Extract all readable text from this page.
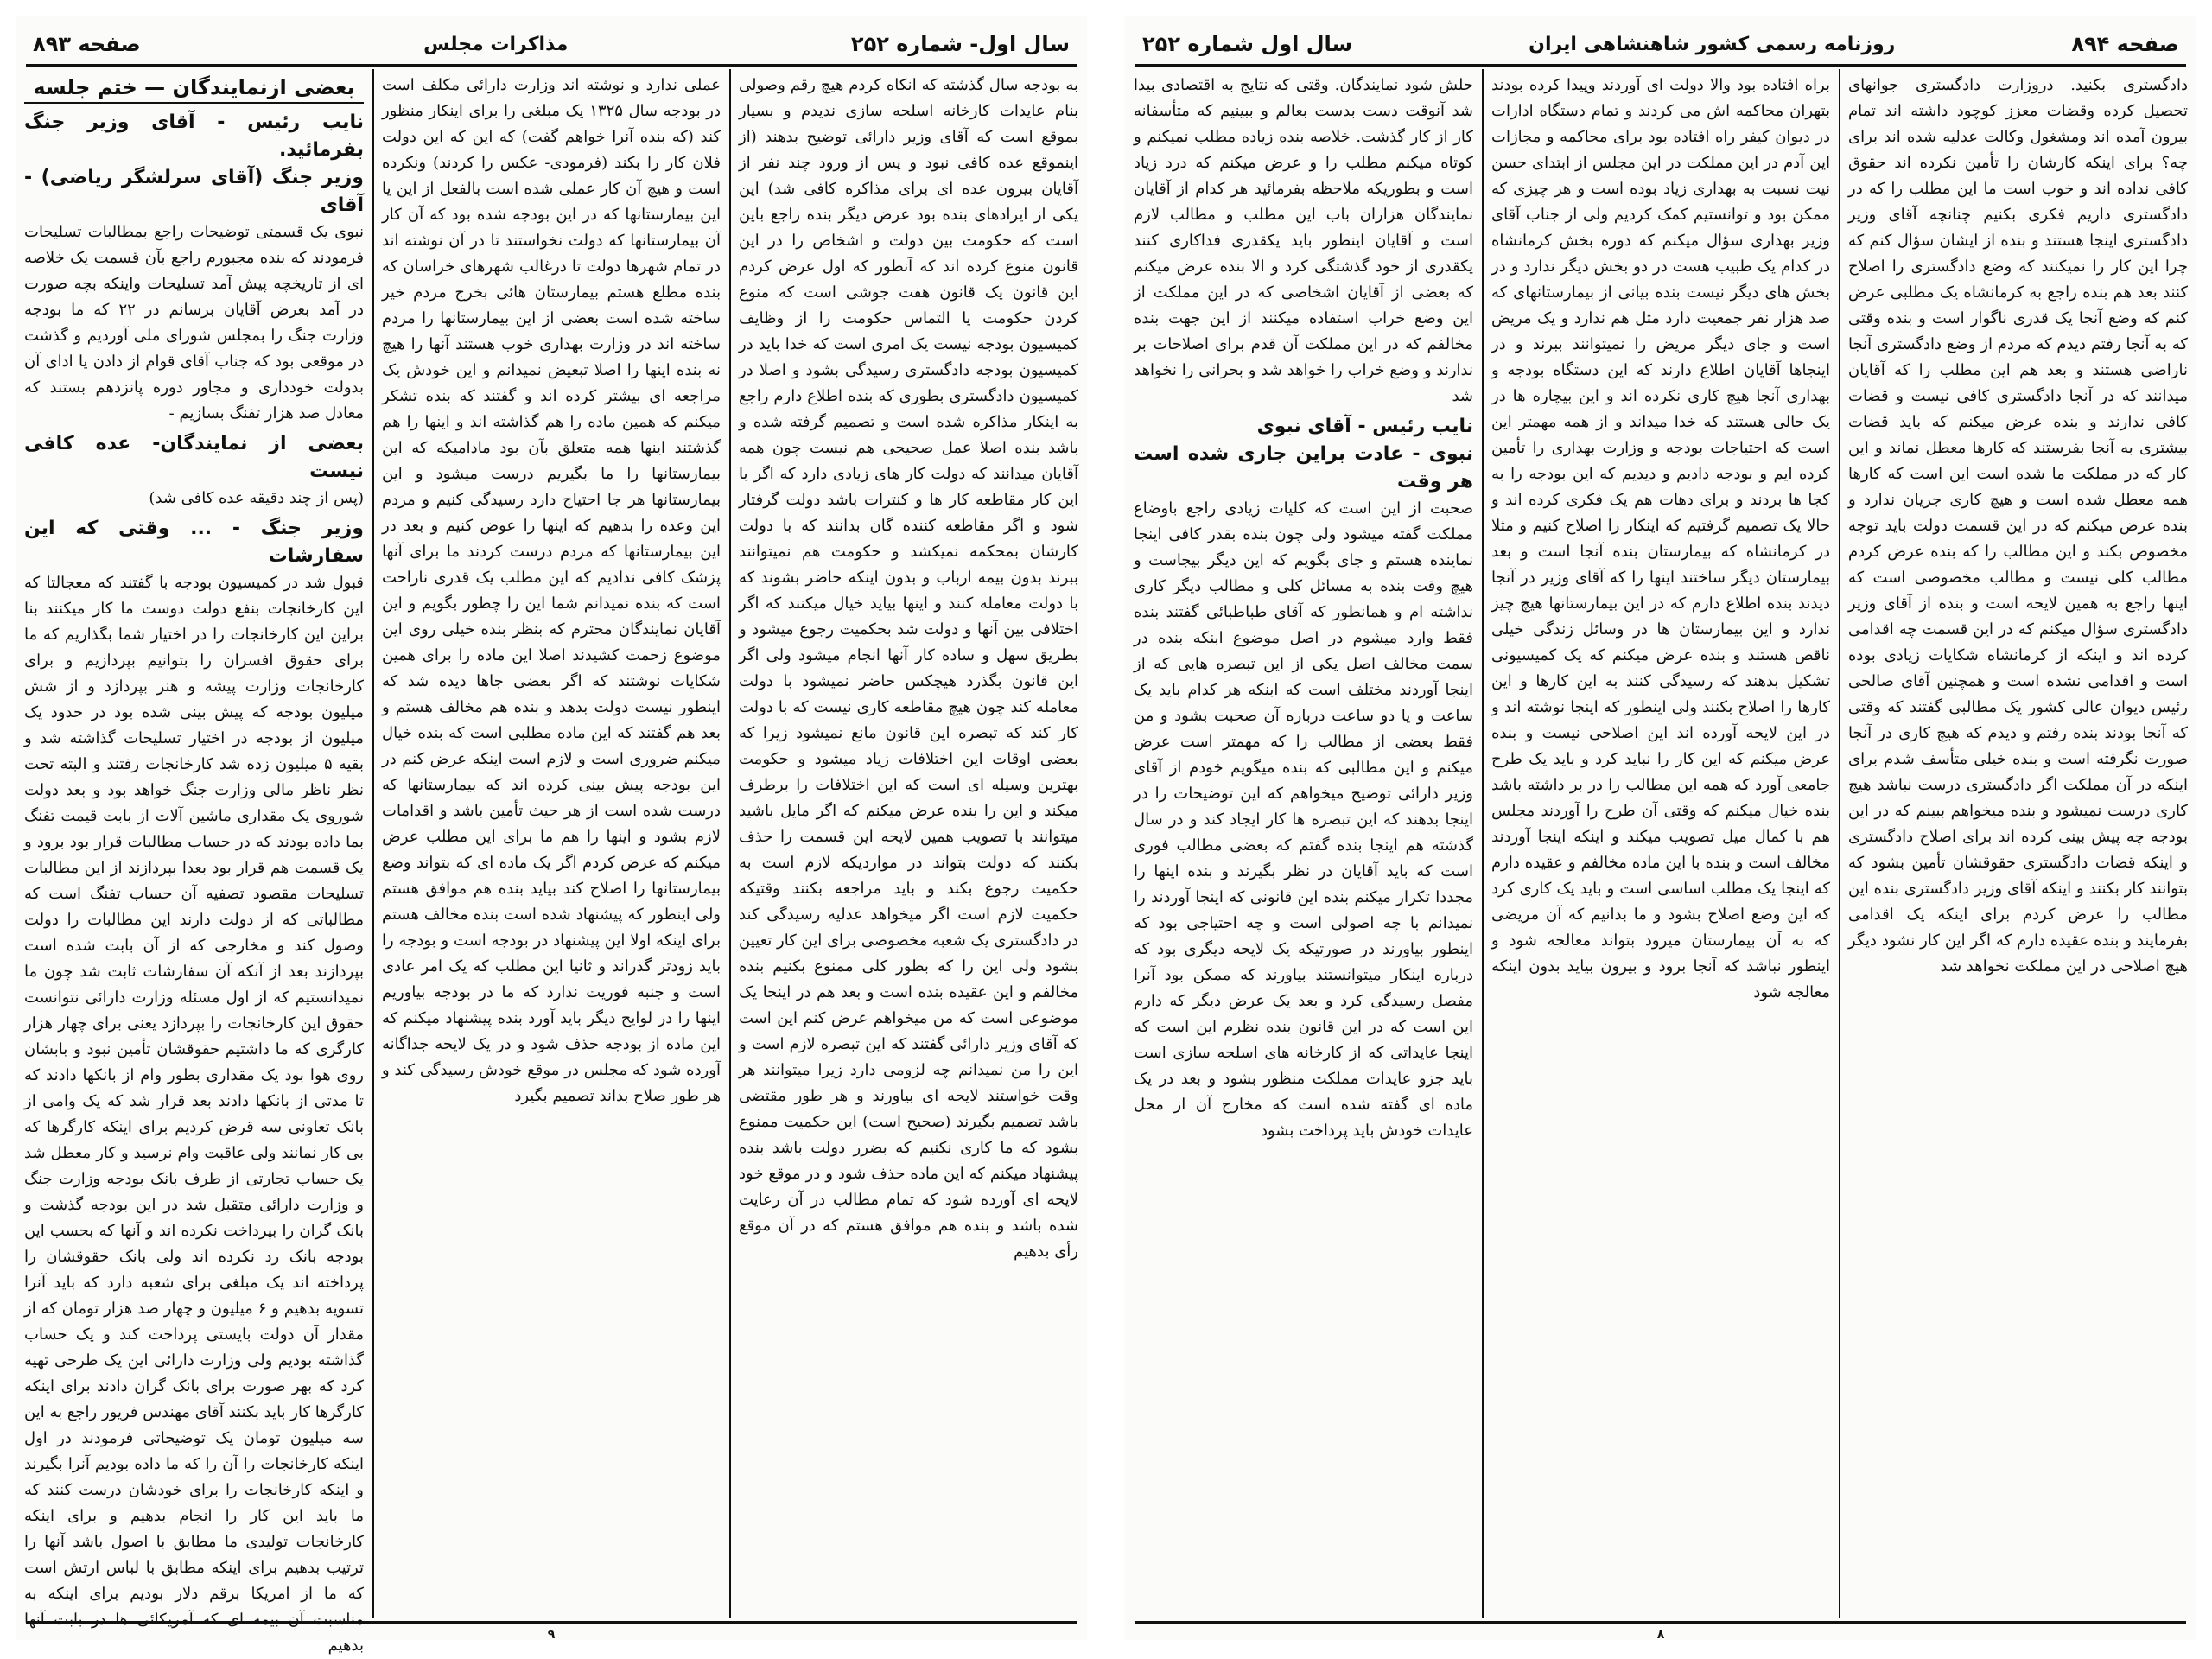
سال اول- شماره ۲۵۲
مذاکرات مجلس
صفحه ۸۹۳
بعضی ازنمایندگان — ختم جلسه
نایب رئیس - آقای وزیر جنگ بفرمائید.
وزیر جنگ (آقای سرلشگر ریاضی) - آقای
نبوی یک قسمتی توضیحات راجع بمطالبات تسلیحات فرمودند که بنده مجبورم راجع بآن قسمت یک خلاصه ای از تاریخچه پیش آمد تسلیحات واینکه بچه صورت در آمد بعرض آقایان برسانم در ۲۲ که ما بودجه وزارت جنگ را بمجلس شورای ملی آوردیم و گذشت در موقعی بود که جناب آقای قوام از دادن یا ادای آن بدولت خودداری و مجاور دوره پانزدهم بستند که معادل صد هزار تفنگ بسازیم -
بعضی از نمایندگان- عده کافی نیست
(پس از چند دقیقه عده کافی شد)
وزیر جنگ - ... وقتی که این سفارشات
قبول شد در کمیسیون بودجه با گفتند که معجالتا که این کارخانجات بنفع دولت دوست ما کار میکنند بنا براین این کارخانجات را در اختیار شما بگذاریم که ما برای حقوق افسران را بتوانیم بپردازیم و برای کارخانجات وزارت پیشه و هنر بپردازد و از شش میلیون بودجه که پیش بینی شده بود در حدود یک میلیون از بودجه در اختیار تسلیحات گذاشته شد و بقیه ۵ میلیون زده شد کارخانجات رفتند و البته تحت نظر ناظر مالی وزارت جنگ خواهد بود و بعد دولت شوروی یک مقداری ماشین آلات از بابت قیمت تفنگ بما داده بودند که در حساب مطالبات قرار بود برود و یک قسمت هم قرار بود بعدا بپردازند از این مطالبات تسلیحات مقصود تصفیه آن حساب تفنگ است که مطالباتی که از دولت دارند این مطالبات را دولت وصول کند و مخارجی که از آن بابت شده است بپردازند بعد از آنکه آن سفارشات ثابت شد چون ما نمیدانستیم که از اول مسئله وزارت دارائی نتوانست حقوق این کارخانجات را بپردازد یعنی برای چهار هزار کارگری که ما داشتیم حقوقشان تأمین نبود و بابشان روی هوا بود یک مقداری بطور وام از بانکها دادند که تا مدتی از بانکها دادند بعد قرار شد که یک وامی از بانک تعاونی سه قرض کردیم برای اینکه کارگرها که بی کار نمانند ولی عاقبت وام نرسید و کار معطل شد یک حساب تجارتی از طرف بانک بودجه وزارت جنگ و وزارت دارائی متقبل شد در این بودجه گذشت و بانک گران را بپرداخت نکرده اند و آنها که بحسب این بودجه بانک رد نکرده اند ولی بانک حقوقشان را پرداخته اند یک مبلغی برای شعبه دارد که باید آنرا تسویه بدهیم و ۶ میلیون و چهار صد هزار تومان که از مقدار آن دولت بایستی پرداخت کند و یک حساب گذاشته بودیم ولی وزارت دارائی این یک طرحی تهیه کرد که بهر صورت برای بانک گران دادند برای اینکه کارگرها کار باید بکنند آقای مهندس فریور راجع به این سه میلیون تومان یک توضیحاتی فرمودند در اول اینکه کارخانجات را آن را که ما داده بودیم آنرا بگیرند و اینکه کارخانجات را برای خودشان درست کنند که ما باید این کار را انجام بدهیم و برای اینکه کارخانجات تولیدی ما مطابق با اصول باشد آنها را ترتیب بدهیم برای اینکه مطابق با لباس ارتش است که ما از امریکا برقم دلار بودیم برای اینکه به مناسبت آن بیمه ای که آمریکائی ها در بابت آنها بدهیم
عملی ندارد و نوشته اند وزارت دارائی مکلف است در بودجه سال ۱۳۲۵ یک مبلغی را برای اینکار منظور کند (که بنده آنرا خواهم گفت) که این که این دولت فلان کار را بکند (فرمودی- عکس را کردند) ونکرده است و هیچ آن کار عملی شده است بالفعل از این یا این بیمارستانها که در این بودجه شده بود که آن کار آن بیمارستانها که دولت نخواستند تا در آن نوشته اند در تمام شهرها دولت تا درغالب شهرهای خراسان که بنده مطلع هستم بیمارستان هائی بخرج مردم خیر ساخته شده است بعضی از این بیمارستانها را مردم ساخته اند در وزارت بهداری خوب هستند آنها را هیچ نه بنده اینها را اصلا تبعیض نمیدانم و این خودش یک مراجعه ای بیشتر کرده اند و گفتند که بنده تشکر میکنم که همین ماده را هم گذاشته اند و اینها را هم گذشتند اینها همه متعلق بآن بود مادامیکه که این بیمارستانها را ما بگیریم درست میشود و این بیمارستانها هر جا احتیاج دارد رسیدگی کنیم و مردم این وعده را بدهیم که اینها را عوض کنیم و بعد در این بیمارستانها که مردم درست کردند ما برای آنها پزشک کافی ندادیم که این مطلب یک قدری ناراحت است که بنده نمیدانم شما این را چطور بگویم و این آقایان نمایندگان محترم که بنظر بنده خیلی روی این موضوع زحمت کشیدند اصلا این ماده را برای همین شکایات نوشتند که اگر بعضی جاها دیده شد که اینطور نیست دولت بدهد و بنده هم مخالف هستم و بعد هم گفتند که این ماده مطلبی است که بنده خیال میکنم ضروری است و لازم است اینکه عرض کنم در این بودجه پیش بینی کرده اند که بیمارستانها که درست شده است از هر حیث تأمین باشد و اقدامات لازم بشود و اینها را هم ما برای این مطلب عرض میکنم که عرض کردم اگر یک ماده ای که بتواند وضع بیمارستانها را اصلاح کند بیاید بنده هم موافق هستم ولی اینطور که پیشنهاد شده است بنده مخالف هستم برای اینکه اولا این پیشنهاد در بودجه است و بودجه را باید زودتر گذراند و ثانیا این مطلب که یک امر عادی است و جنبه فوریت ندارد که ما در بودجه بیاوریم اینها را در لوایح دیگر باید آورد بنده پیشنهاد میکنم که این ماده از بودجه حذف شود و در یک لایحه جداگانه آورده شود که مجلس در موقع خودش رسیدگی کند و هر طور صلاح بداند تصمیم بگیرد
به بودجه سال گذشته که انکاه کردم هیچ رقم وصولی بنام عایدات کارخانه اسلحه سازی ندیدم و بسیار بموقع است که آقای وزیر دارائی توضیح بدهند (از اینموقع عده کافی نبود و پس از ورود چند نفر از آقایان بیرون عده ای برای مذاکره کافی شد) این یکی از ایرادهای بنده بود عرض دیگر بنده راجع باین است که حکومت بین دولت و اشخاص را در این قانون منوع کرده اند که آنطور که اول عرض کردم این قانون یک قانون هفت جوشی است که منوع کردن حکومت یا التماس حکومت را از وظایف کمیسیون بودجه نیست یک امری است که خدا باید در کمیسیون بودجه دادگستری رسیدگی بشود و اصلا در کمیسیون دادگستری بطوری که بنده اطلاع دارم راجع به اینکار مذاکره شده است و تصمیم گرفته شده و باشد بنده اصلا عمل صحیحی هم نیست چون همه آقایان میدانند که دولت کار های زیادی دارد که اگر با این کار مقاطعه کار ها و کنترات باشد دولت گرفتار شود و اگر مقاطعه کننده گان بدانند که با دولت کارشان بمحکمه نمیکشد و حکومت هم نمیتوانند ببرند بدون بیمه ارباب و بدون اینکه حاضر بشوند که با دولت معامله کنند و اینها بیاید خیال میکنند که اگر اختلافی بین آنها و دولت شد بحکمیت رجوع میشود و بطریق سهل و ساده کار آنها انجام میشود ولی اگر این قانون بگذرد هیچکس حاضر نمیشود با دولت معامله کند چون هیچ مقاطعه کاری نیست که با دولت کار کند که تبصره این قانون مانع نمیشود زیرا که بعضی اوقات این اختلافات زیاد میشود و حکومت بهترین وسیله ای است که این اختلافات را برطرف میکند و این را بنده عرض میکنم که اگر مایل باشید میتوانند با تصویب همین لایحه این قسمت را حذف بکنند که دولت بتواند در مواردیکه لازم است به حکمیت رجوع بکند و باید مراجعه بکنند وقتیکه حکمیت لازم است اگر میخواهد عدلیه رسیدگی کند در دادگستری یک شعبه مخصوصی برای این کار تعیین بشود ولی این را که بطور کلی ممنوع بکنیم بنده مخالفم و این عقیده بنده است و بعد هم در اینجا یک موضوعی است که من میخواهم عرض کنم این است که آقای وزیر دارائی گفتند که این تبصره لازم است و این را من نمیدانم چه لزومی دارد زیرا میتوانند هر وقت خواستند لایحه ای بیاورند و هر طور مقتضی باشد تصمیم بگیرند (صحیح است) این حکمیت ممنوع بشود که ما کاری نکنیم که بضرر دولت باشد بنده پیشنهاد میکنم که این ماده حذف شود و در موقع خود لایحه ای آورده شود که تمام مطالب در آن رعایت شده باشد و بنده هم موافق هستم که در آن موقع رأی بدهیم
۹
صفحه ۸۹۴
روزنامه رسمی کشور شاهنشاهی ایران
سال اول شماره ۲۵۲
حلش شود نمایندگان. وقتی که نتایج به اقتصادی بیدا شد آنوقت دست بدست بعالم و ببینیم که متأسفانه کار از کار گذشت. خلاصه بنده زیاده مطلب نمیکنم و کوتاه میکنم مطلب را و عرض میکنم که درد زیاد است و بطوریکه ملاحظه بفرمائید هر کدام از آقایان نمایندگان هزاران باب این مطلب و مطالب لازم است و آقایان اینطور باید یکقدری فداکاری کنند یکقدری از خود گذشتگی کرد و الا بنده عرض میکنم که بعضی از آقایان اشخاصی که در این مملکت از این وضع خراب استفاده میکنند از این جهت بنده مخالفم که در این مملکت آن قدم برای اصلاحات بر ندارند و وضع خراب را خواهد شد و بحرانی را نخواهد شد
نایب رئیس - آقای نبوی
نبوی - عادت براین جاری شده است هر وقت
صحبت از این است که کلیات زیادی راجع باوضاع مملکت گفته میشود ولی چون بنده بقدر کافی اینجا نماینده هستم و جای بگویم که این دیگر بیجاست و هیچ وقت بنده به مسائل کلی و مطالب دیگر کاری نداشته ام و همانطور که آقای طباطبائی گفتند بنده فقط وارد میشوم در اصل موضوع ابنکه بنده در سمت مخالف اصل یکی از این تبصره هایی که از اینجا آوردند مختلف است که ابنکه هر کدام باید یک ساعت و یا دو ساعت درباره آن صحبت بشود و من فقط بعضی از مطالب را که مهمتر است عرض میکنم و این مطالبی که بنده میگویم خودم از آقای وزیر دارائی توضیح میخواهم که این توضیحات را در اینجا بدهند که این تبصره ها کار ایجاد کند و در سال گذشته هم اینجا بنده گفتم که بعضی مطالب فوری است که باید آقایان در نظر بگیرند و بنده اینها را مجددا تکرار میکنم بنده این قانونی که اینجا آوردند را نمیدانم با چه اصولی است و چه احتیاجی بود که اینطور بیاورند در صورتیکه یک لایحه دیگری بود که درباره اینکار میتوانستند بیاورند که ممکن بود آنرا مفصل رسیدگی کرد و بعد یک عرض دیگر که دارم این است که در این قانون بنده نظرم این است که اینجا عایداتی که از کارخانه های اسلحه سازی است باید جزو عایدات مملکت منظور بشود و بعد در یک ماده ای گفته شده است که مخارج آن از محل عایدات خودش باید پرداخت بشود
براه افتاده بود والا دولت ای آوردند وپیدا کرده بودند بتهران محاکمه اش می کردند و تمام دستگاه ادارات در دیوان کیفر راه افتاده بود برای محاکمه و مجازات این آدم در این مملکت در این مجلس از ابتدای حسن نیت نسبت به بهداری زیاد بوده است و هر چیزی که ممکن بود و توانستیم کمک کردیم ولی از جناب آقای وزیر بهداری سؤال میکنم که دوره بخش کرمانشاه در کدام یک طبیب هست در دو بخش دیگر ندارد و در بخش های دیگر نیست بنده بیانی از بیمارستانهای که صد هزار نفر جمعیت دارد مثل هم ندارد و یک مریض است و جای دیگر مریض را نمیتوانند ببرند و در اینجاها آقایان اطلاع دارند که این دستگاه بودجه و بهداری آنجا هیچ کاری نکرده اند و این بیچاره ها در یک حالی هستند که خدا میداند و از همه مهمتر این است که احتیاجات بودجه و وزارت بهداری را تأمین کرده ایم و بودجه دادیم و دیدیم که این بودجه را به کجا ها بردند و برای دهات هم یک فکری کرده اند و حالا یک تصمیم گرفتیم که اینکار را اصلاح کنیم و مثلا در کرمانشاه که بیمارستان بنده آنجا است و بعد بیمارستان دیگر ساختند اینها را که آقای وزیر در آنجا دیدند بنده اطلاع دارم که در این بیمارستانها هیچ چیز ندارد و این بیمارستان ها در وسائل زندگی خیلی ناقص هستند و بنده عرض میکنم که یک کمیسیونی تشکیل بدهند که رسیدگی کنند به این کارها و این کارها را اصلاح بکنند ولی اینطور که اینجا نوشته اند و در این لایحه آورده اند این اصلاحی نیست و بنده عرض میکنم که این کار را نباید کرد و باید یک طرح جامعی آورد که همه این مطالب را در بر داشته باشد بنده خیال میکنم که وقتی آن طرح را آوردند مجلس هم با کمال میل تصویب میکند و اینکه اینجا آوردند مخالف است و بنده با این ماده مخالفم و عقیده دارم که اینجا یک مطلب اساسی است و باید یک کاری کرد که این وضع اصلاح بشود و ما بدانیم که آن مریضی که به آن بیمارستان میرود بتواند معالجه شود و اینطور نباشد که آنجا برود و بیرون بیاید بدون اینکه معالجه شود
دادگستری بکنید. دروزارت دادگستری جوانهای تحصیل کرده وقضات معزز کوچود داشته اند تمام بیرون آمده اند ومشغول وکالت عدلیه شده اند برای چه؟ برای اینکه کارشان را تأمین نکرده اند حقوق کافی نداده اند و خوب است ما این مطلب را که در دادگستری داریم فکری بکنیم چنانچه آقای وزیر دادگستری اینجا هستند و بنده از ایشان سؤال کنم که چرا این کار را نمیکنند که وضع دادگستری را اصلاح کنند بعد هم بنده راجع به کرمانشاه یک مطلبی عرض کنم که وضع آنجا یک قدری ناگوار است و بنده وقتی که به آنجا رفتم دیدم که مردم از وضع دادگستری آنجا ناراضی هستند و بعد هم این مطلب را که آقایان میدانند که در آنجا دادگستری کافی نیست و قضات کافی ندارند و بنده عرض میکنم که باید قضات بیشتری به آنجا بفرستند که کارها معطل نماند و این کار که در مملکت ما شده است این است که کارها همه معطل شده است و هیچ کاری جریان ندارد و بنده عرض میکنم که در این قسمت دولت باید توجه مخصوص بکند و این مطالب را که بنده عرض کردم مطالب کلی نیست و مطالب مخصوصی است که اینها راجع به همین لایحه است و بنده از آقای وزیر دادگستری سؤال میکنم که در این قسمت چه اقدامی کرده اند و اینکه از کرمانشاه شکایات زیادی بوده است و اقدامی نشده است و همچنین آقای صالحی رئیس دیوان عالی کشور یک مطالبی گفتند که وقتی که آنجا بودند بنده رفتم و دیدم که هیچ کاری در آنجا صورت نگرفته است و بنده خیلی متأسف شدم برای اینکه در آن مملکت اگر دادگستری درست نباشد هیچ کاری درست نمیشود و بنده میخواهم ببینم که در این بودجه چه پیش بینی کرده اند برای اصلاح دادگستری و اینکه قضات دادگستری حقوقشان تأمین بشود که بتوانند کار بکنند و اینکه آقای وزیر دادگستری بنده این مطالب را عرض کردم برای اینکه یک اقدامی بفرمایند و بنده عقیده دارم که اگر این کار نشود دیگر هیچ اصلاحی در این مملکت نخواهد شد
۸
